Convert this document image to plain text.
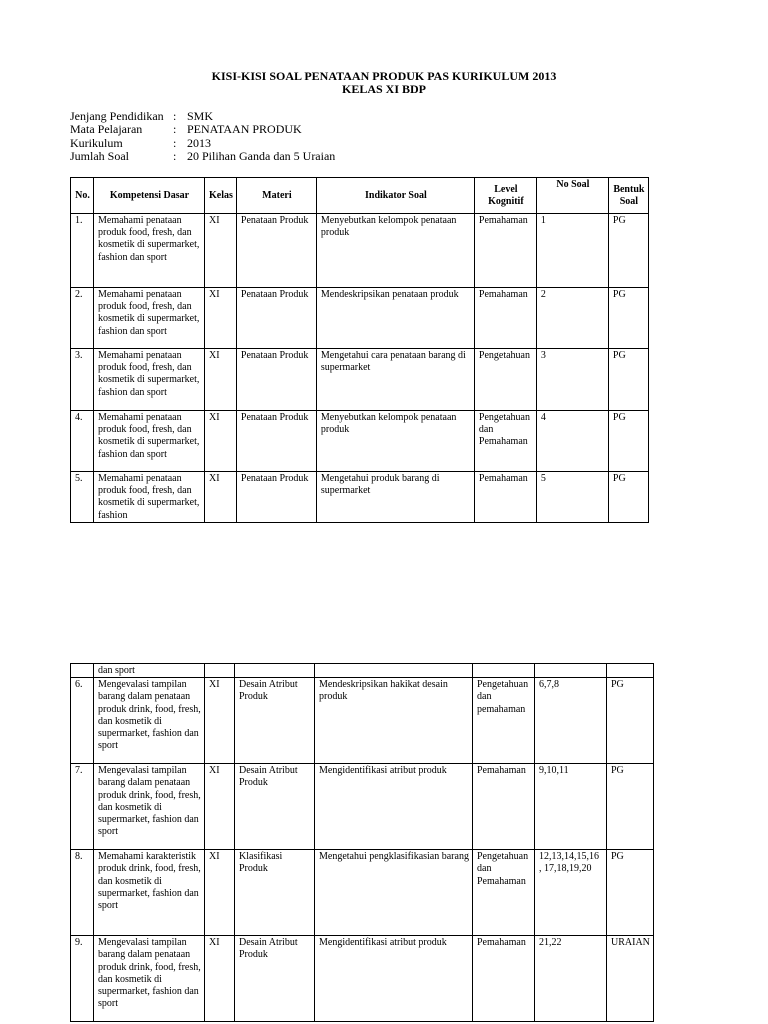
KISI-KISI SOAL PENATAAN PRODUK PAS KURIKULUM 2013
KELAS XI BDP
Jenjang Pendidikan : SMK
Mata Pelajaran	: PENATAAN PRODUK
Kurikulum	: 2013
Jumlah Soal	: 20 Pilihan Ganda dan 5 Uraian
No.	Kompetensi Dasar	Kelas	Materi	Indikator Soal	Level Kognitif	No Soal	Bentuk Soal
1.	Memahami penataan produk food, fresh, dan kosmetik di supermarket, fashion dan sport	XI	Penataan Produk	Menyebutkan kelompok penataan produk	Pemahaman	1	PG
2.	Memahami penataan produk food, fresh, dan kosmetik di supermarket, fashion dan sport	XI	Penataan Produk	Mendeskripsikan penataan produk	Pemahaman	2	PG
3.	Memahami penataan produk food, fresh, dan kosmetik di supermarket, fashion dan sport	XI	Penataan Produk	Mengetahui cara penataan barang di supermarket	Pengetahuan	3	PG
4.	Memahami penataan produk food, fresh, dan kosmetik di supermarket, fashion dan sport	XI	Penataan Produk	Menyebutkan kelompok penataan produk	Pengetahuan dan Pemahaman	4	PG
5.	Memahami penataan produk food, fresh, dan kosmetik di supermarket, fashion	XI	Penataan Produk	Mengetahui produk barang di supermarket	Pemahaman	5	PG
	dan sport						
6.	Mengevalasi tampilan barang dalam penataan produk drink, food, fresh, dan kosmetik di supermarket, fashion dan sport	XI	Desain Atribut Produk	Mendeskripsikan hakikat desain produk	Pengetahuan dan pemahaman	6,7,8	PG
7.	Mengevalasi tampilan barang dalam penataan produk drink, food, fresh, dan kosmetik di supermarket, fashion dan sport	XI	Desain Atribut Produk	Mengidentifikasi atribut produk	Pemahaman	9,10,11	PG
8.	Memahami karakteristik produk drink, food, fresh, dan kosmetik di supermarket, fashion dan sport	XI	Klasifikasi Produk	Mengetahui pengklasifikasian barang	Pengetahuan dan Pemahaman	12,13,14,15,16 , 17,18,19,20	PG
9.	Mengevalasi tampilan barang dalam penataan produk drink, food, fresh, dan kosmetik di supermarket, fashion dan sport	XI	Desain Atribut Produk	Mengidentifikasi atribut produk	Pemahaman	21,22	URAIAN
